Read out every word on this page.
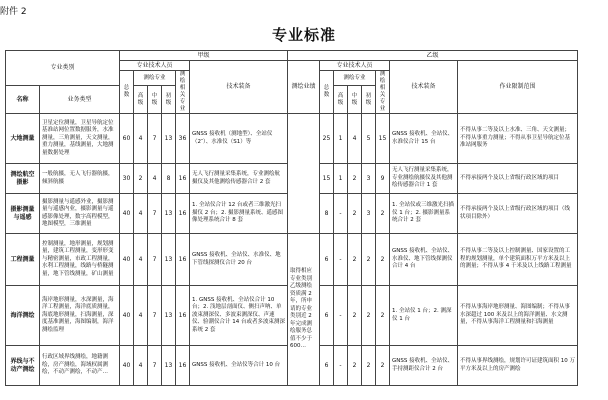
附件 2
专业标准
专业类别		甲级						乙级							
		专业技术人员					技术装备	测绘业绩	专业技术人员					技术装备	作业限制范围
		总数	测绘专业			测绘相关专业			总数	测绘专业			测绘相关专业		
名称	业务类型		高级	中级	初级					高级	中级	初级			
大地测量	卫星定位测量，卫星导航定位基准站网位置数据服务，水准测量，三角测量，天文测量，重力测量，基线测量，大地测量数据处理	60	4	7	13	36	GNSS 接收机（测地型）、全站仪（2″）、水准仪（S1）等		25	1	4	5	15	GNSS 接收机、全站仪、水准仪合计 15 台	不得从事二等及以上水准、三角、天文测量；不得从事重力测量；不得从事卫星导航定位基准站网服务
测绘航空摄影	一般航摄，无人飞行器航摄，倾斜航摄	30	2	4	8	16	无人飞行测量采集系统，专业测绘航摄仪及其他测绘传感器合计 2 套		15	1	2	3	9	无人飞行测量采集系统，专业测绘航摄仪及其他测绘传感器合计 1 套	不得承接两个及以上省级行政区域的项目
摄影测量与遥感	摄影测量与遥感外业，摄影测量与遥感内业，摄影测量与遥感影像处理，数字高程模型，地图模型，三维测量	40	4	7	13	16	1. 全站仪合计 12 台或者三维激光扫描仪 2 台；2. 摄影测量系统、遥感图像处理系统合计 8 套		8	-	2	3	2	1. 全站仪或三维激光扫描仪 1 台；2. 摄影测量系统合计 2 套	不得承接两个及以上省级行政区域的项目（线状项目除外）
工程测量	控制测量，地形测量，规划测量，建筑工程测量，变形形变与精密测量，市政工程测量，水利工程测量，线路与桥隧测量，地下管线测量，矿山测量	40	4	7	13	16	GNSS 接收机、全站仪、水准仪、地下管线探测仪合计 20 台	取得相应专业类别乙级测绘资质满 2 年，所申请的专业类别近 2 年完成测绘服务总值不少于 600…	6	-	2	2	2	GNSS 接收机、全站仪、水准仪、地下管线探测仪合计 4 台	不得从事二等及以上控制测量、国家设置的工程的规划测量，单个建筑面积万平方米及以上的测量；不得从事 4 千米及以上线路工程测量
海洋测绘	海岸地形测量，水深测量，海洋工程测量，海洋底质测量，海底地形测量，扫海测量，深度基准测量，海图编制，海洋测绘监理	40	4	7	13	16	1. GNSS 接收机、全站仪合计 10 台；2. 浅地层剖面仪、侧扫声呐、单波束测深仪、多波束测深仪、声速仪、验潮仪合计 14 台或者多波束测深系统 2 套		6	-	2	2	2	1. 全站仪 1 台；2. 测深仪 1 台	不得从事海岸地形测量、海图编制；不得从事水深超过 100 米及以上的海洋测量、水文测量，不得从事海洋工程测量和扫海测量
界线与不动产测绘	行政区域界线测绘，地籍测绘，房产测绘，海域权属测绘，不动产测绘，不动产…	40	4	7	13	16	GNSS 接收机、全站仪等合计 10 台		6	-	2	2	2	GNSS 接收机、全站仪、手持测距仪合计 2 台	不得从事界线测绘，规划许可证建筑面积 10 万平方米及以上的房产测绘
